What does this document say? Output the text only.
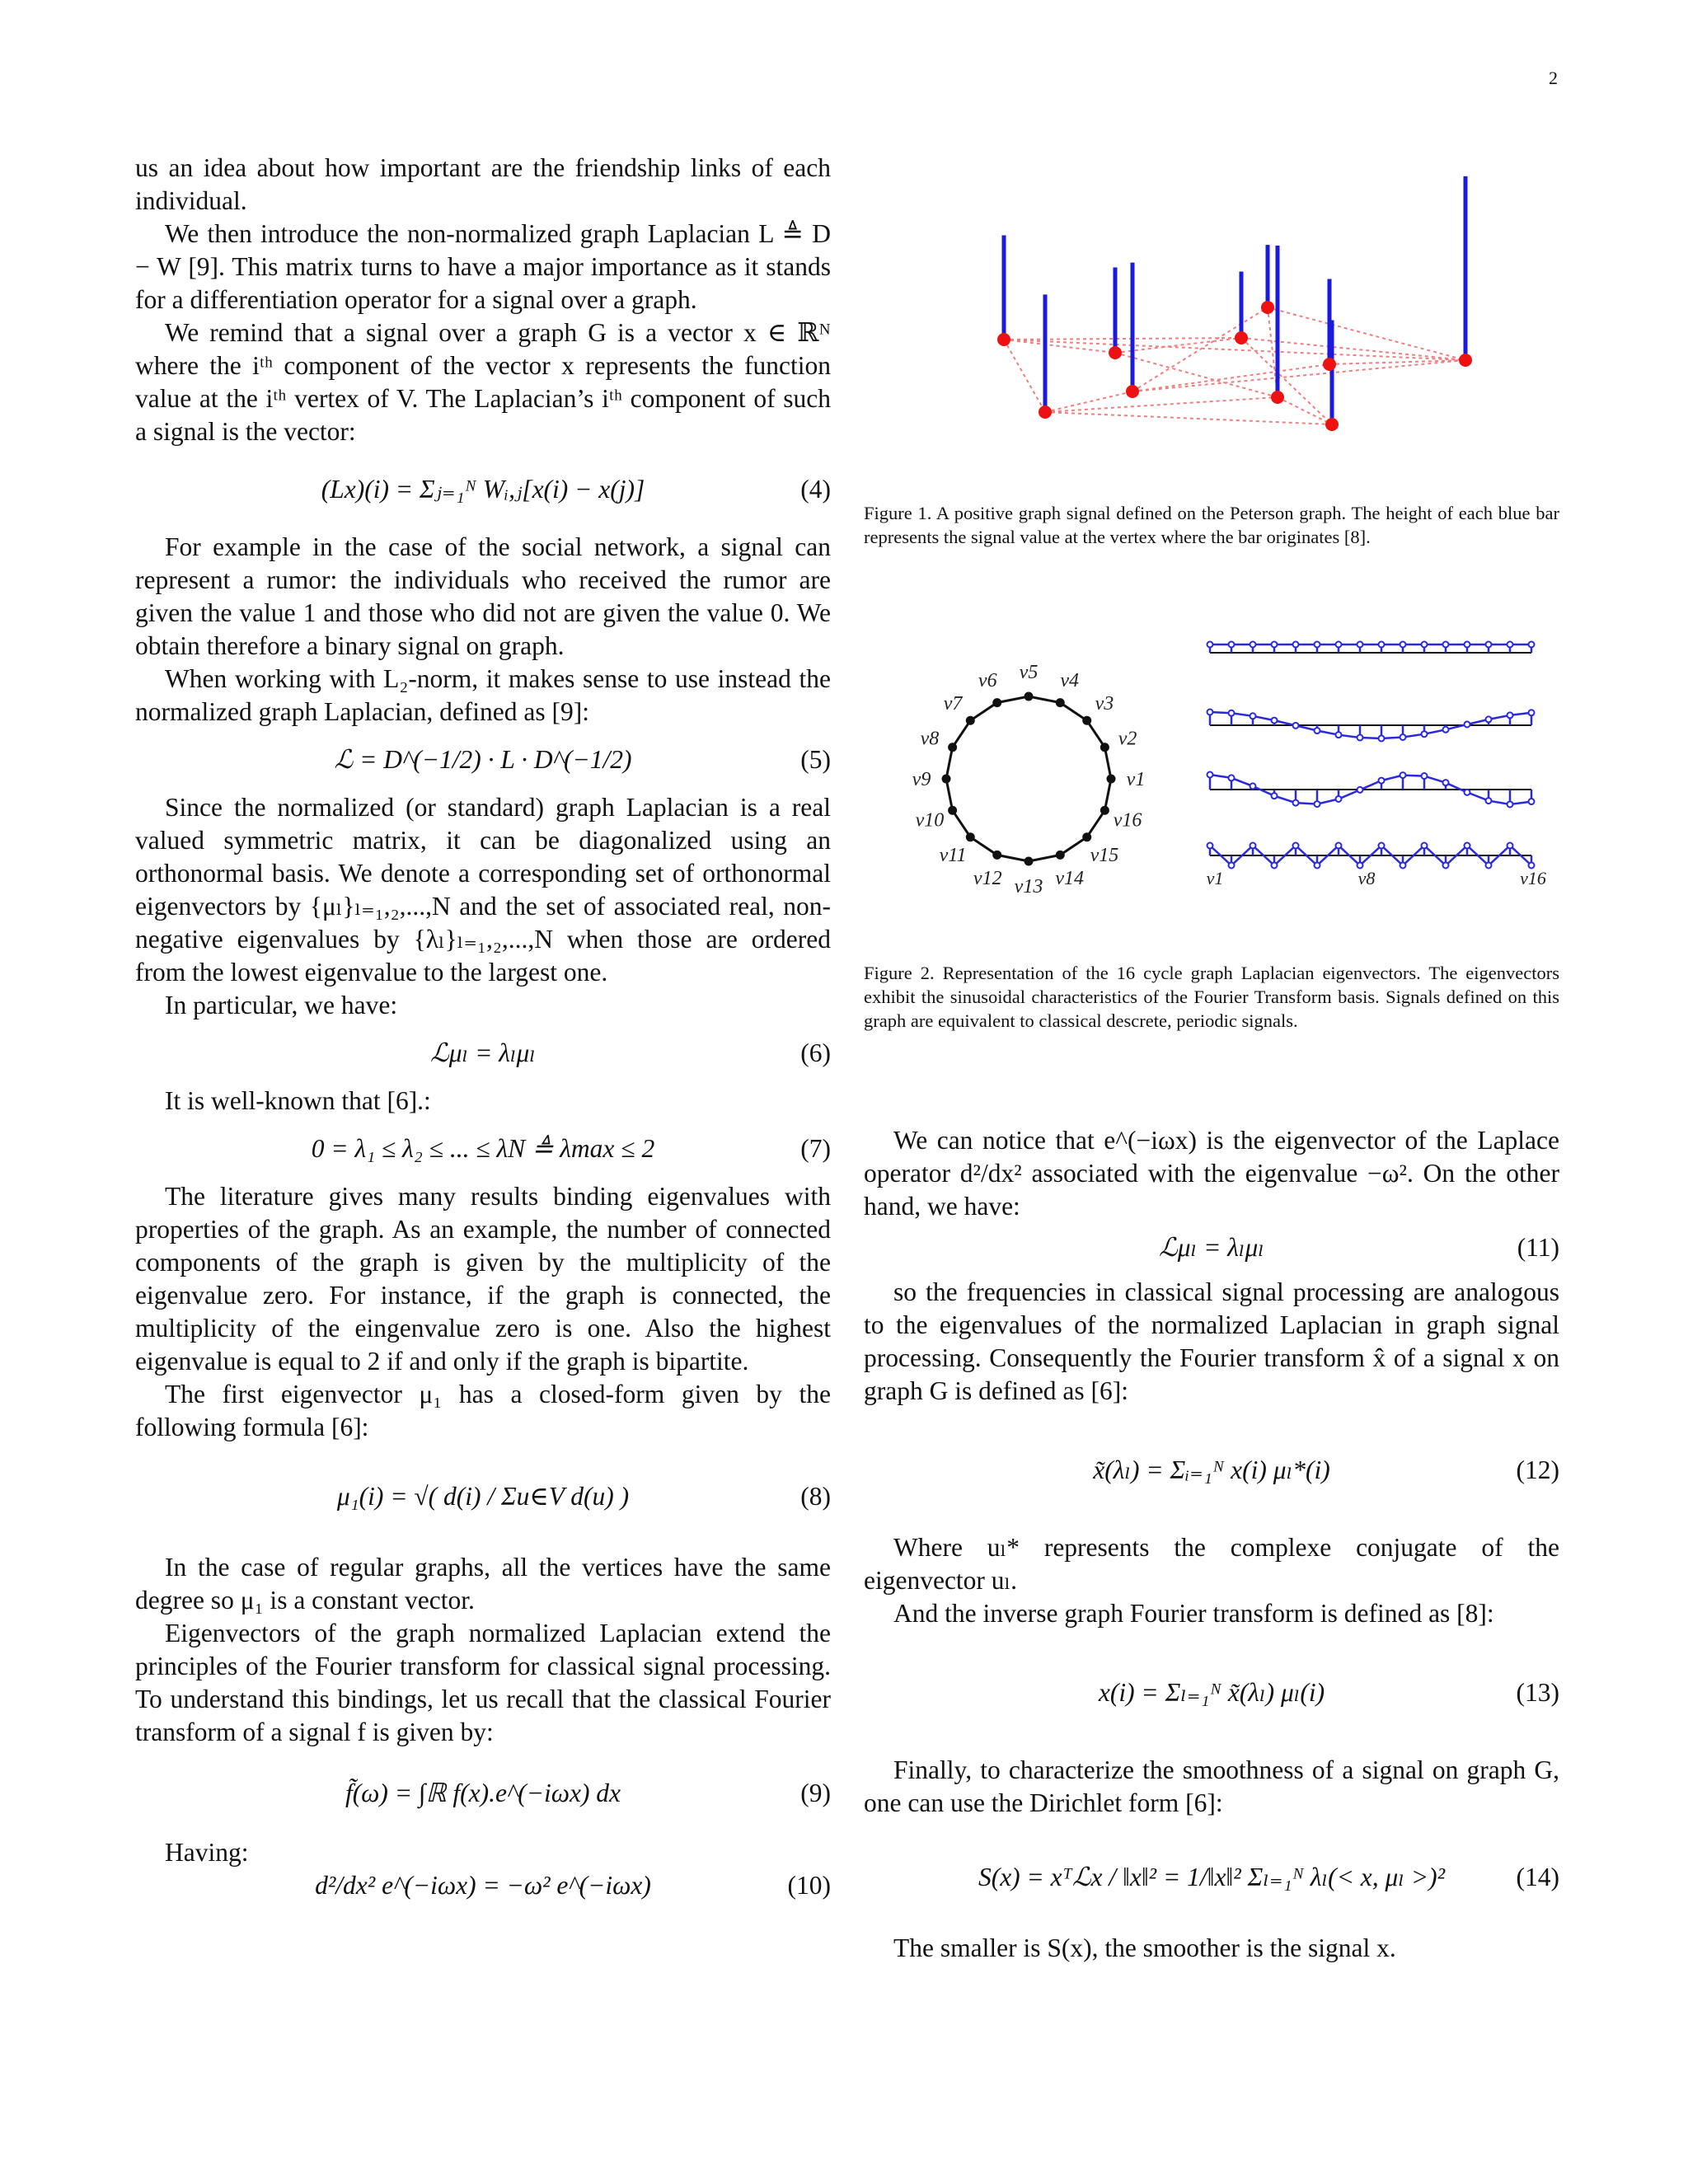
2

us an idea about how important are the friendship links of each individual.

We then introduce the non-normalized graph Laplacian L ≜ D − W [9]. This matrix turns to have a major importance as it stands for a differentiation operator for a signal over a graph.

We remind that a signal over a graph G is a vector x ∈ ℝᴺ where the iᵗʰ component of the vector x represents the function value at the iᵗʰ vertex of V. The Laplacian’s iᵗʰ component of such a signal is the vector:

(Lx)(i) = Σⱼ₌₁ᴺ Wᵢ,ⱼ[x(i) − x(j)]	(4)

For example in the case of the social network, a signal can represent a rumor: the individuals who received the rumor are given the value 1 and those who did not are given the value 0. We obtain therefore a binary signal on graph.

When working with L₂-norm, it makes sense to use instead the normalized graph Laplacian, defined as [9]:

ℒ = D^(−1/2) · L · D^(−1/2)	(5)

Since the normalized (or standard) graph Laplacian is a real valued symmetric matrix, it can be diagonalized using an orthonormal basis. We denote a corresponding set of orthonormal eigenvectors by {μₗ}ₗ₌₁,₂,...,N and the set of associated real, non-negative eigenvalues by {λₗ}ₗ₌₁,₂,...,N when those are ordered from the lowest eigenvalue to the largest one.

In particular, we have:

ℒμₗ = λₗμₗ	(6)

It is well-known that [6].:

0 = λ₁ ≤ λ₂ ≤ ... ≤ λN ≜ λmax ≤ 2	(7)

The literature gives many results binding eigenvalues with properties of the graph. As an example, the number of connected components of the graph is given by the multiplicity of the eigenvalue zero. For instance, if the graph is connected, the multiplicity of the eingenvalue zero is one. Also the highest eigenvalue is equal to 2 if and only if the graph is bipartite.

The first eigenvector μ₁ has a closed-form given by the following formula [6]:

μ₁(i) = √( d(i) / Σu∈V d(u) )	(8)

In the case of regular graphs, all the vertices have the same degree so μ₁ is a constant vector.

Eigenvectors of the graph normalized Laplacian extend the principles of the Fourier transform for classical signal processing. To understand this bindings, let us recall that the classical Fourier transform of a signal f is given by:

f̃(ω) = ∫ℝ f(x).e^(−iωx) dx	(9)

Having:

d²/dx² e^(−iωx) = −ω² e^(−iωx)	(10)
Figure 1. A positive graph signal defined on the Peterson graph. The height of each blue bar represents the signal value at the vertex where the bar originates [8].
v1
v2
v3
v4
v5
v6
v7
v8
v9
v10
v11
v12 v13 v14
v15
v16
v1	v8	v16
Figure 2. Representation of the 16 cycle graph Laplacian eigenvectors. The eigenvectors exhibit the sinusoidal characteristics of the Fourier Transform basis. Signals defined on this graph are equivalent to classical descrete, periodic signals.

We can notice that e^(−iωx) is the eigenvector of the Laplace operator d²/dx² associated with the eigenvalue −ω². On the other hand, we have:

ℒμₗ = λₗμₗ	(11)

so the frequencies in classical signal processing are analogous to the eigenvalues of the normalized Laplacian in graph signal processing. Consequently the Fourier transform x̂ of a signal x on graph G is defined as [6]:

x̃(λₗ) = Σᵢ₌₁ᴺ x(i) μₗ*(i)	(12)

Where uₗ* represents the complexe conjugate of the eigenvector uₗ.

And the inverse graph Fourier transform is defined as [8]:

x(i) = Σₗ₌₁ᴺ x̃(λₗ) μₗ(i)	(13)

Finally, to characterize the smoothness of a signal on graph G, one can use the Dirichlet form [6]:

S(x) = xᵀℒx / ‖x‖² = 1/‖x‖² Σₗ₌₁ᴺ λₗ(< x, μₗ >)²	(14)

The smaller is S(x), the smoother is the signal x.
